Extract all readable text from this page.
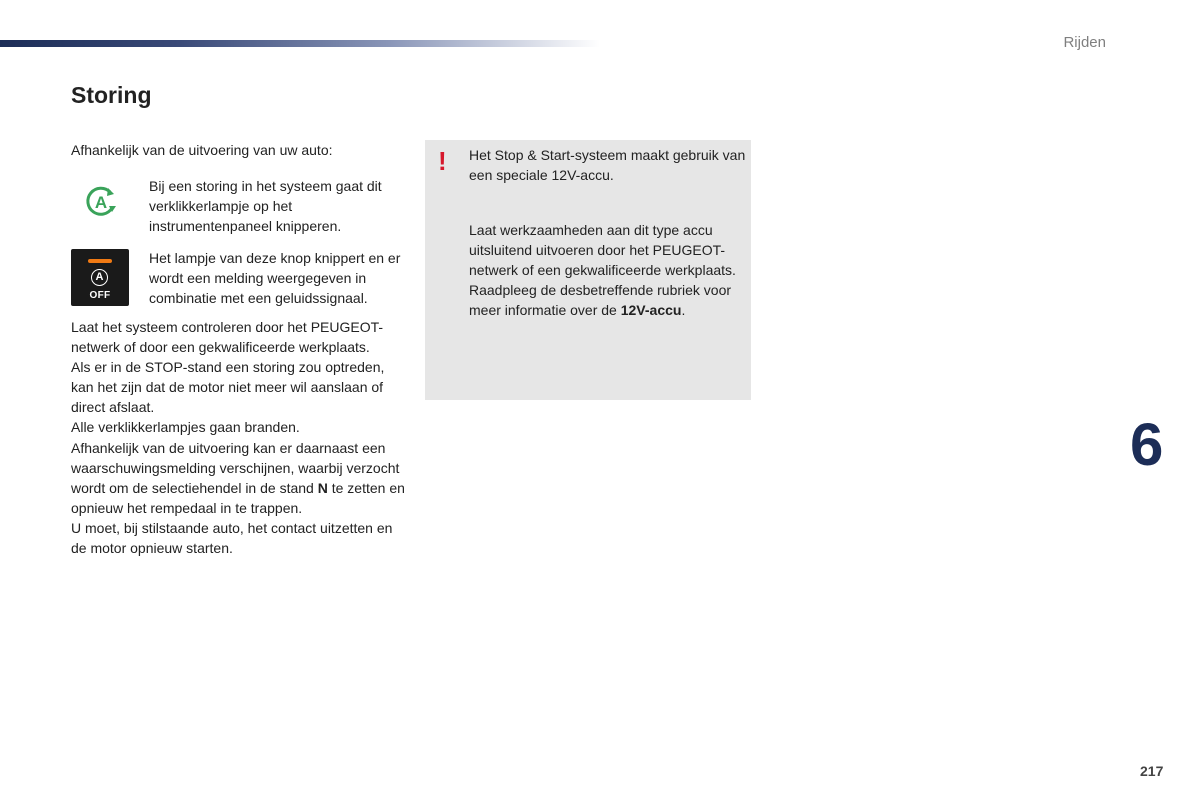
Rijden
Storing
Afhankelijk van de uitvoering van uw auto:
A
Bij een storing in het systeem gaat dit verklikkerlampje op het instrumentenpaneel knipperen.
A
OFF
Het lampje van deze knop knippert en er wordt een melding weergegeven in combinatie met een geluidssignaal.

Laat het systeem controleren door het PEUGEOT-netwerk of door een gekwalificeerde werkplaats.

Als er in de STOP-stand een storing zou optreden, kan het zijn dat de motor niet meer wil aanslaan of direct afslaat.

Alle verklikkerlampjes gaan branden.

Afhankelijk van de uitvoering kan er daarnaast een waarschuwingsmelding verschijnen, waarbij verzocht wordt om de selectiehendel in de stand N te zetten en opnieuw het rempedaal in te trappen.

U moet, bij stilstaande auto, het contact uitzetten en de motor opnieuw starten.

! Het Stop & Start-systeem maakt gebruik van een speciale 12V-accu.

Laat werkzaamheden aan dit type accu uitsluitend uitvoeren door het PEUGEOT-netwerk of een gekwalificeerde werkplaats. Raadpleeg de desbetreffende rubriek voor meer informatie over de 12V-accu.

6
217
